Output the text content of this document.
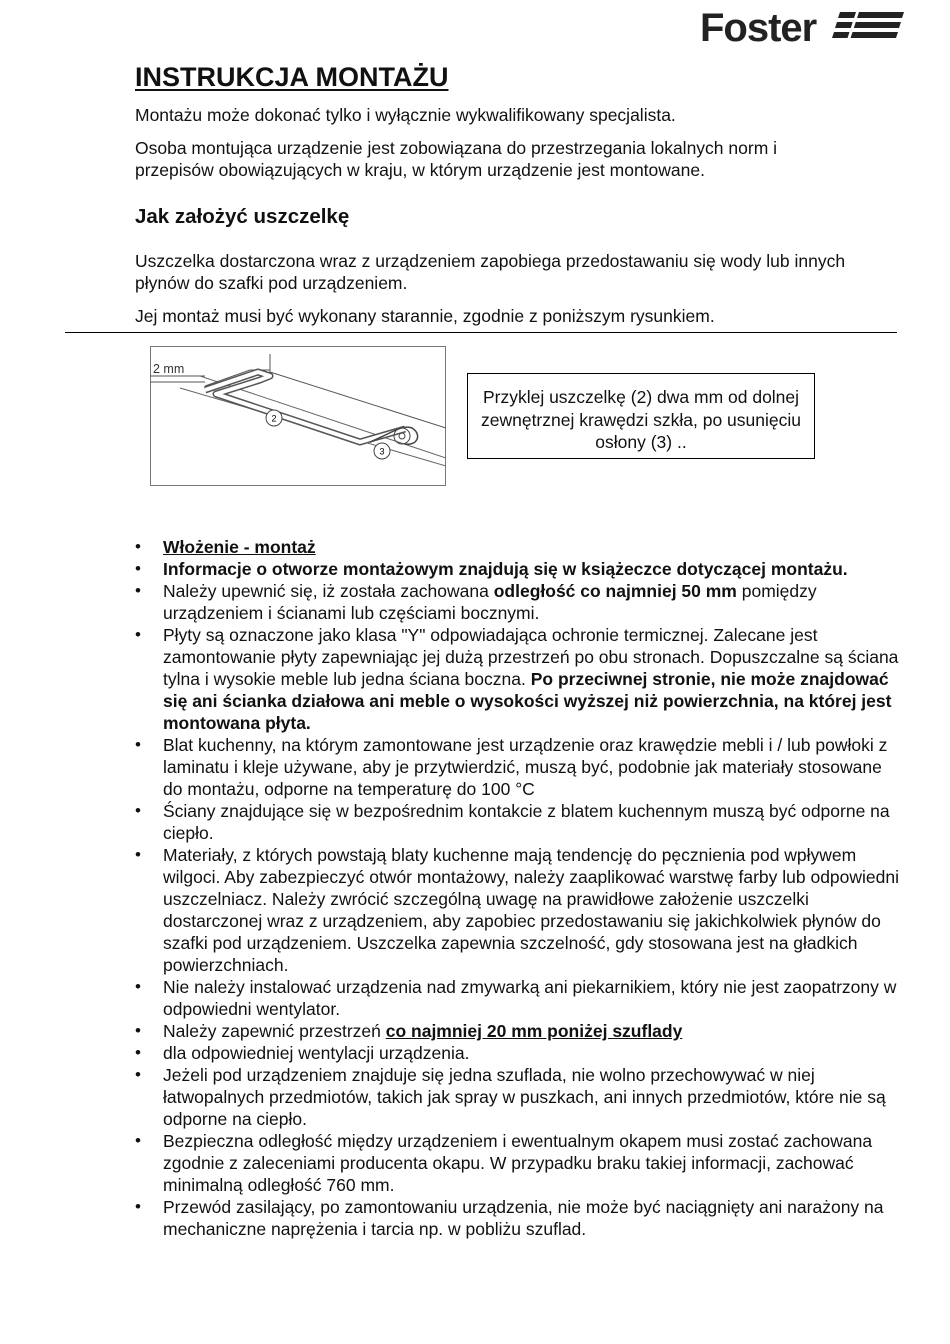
Foster
INSTRUKCJA MONTAŻU

Montażu może dokonać tylko i wyłącznie wykwalifikowany specjalista.

Osoba montująca urządzenie jest zobowiązana do przestrzegania lokalnych norm i przepisów obowiązujących w kraju, w którym urządzenie jest montowane.

Jak założyć uszczelkę

Uszczelka dostarczona wraz z urządzeniem zapobiega przedostawaniu się wody lub innych płynów do szafki pod urządzeniem.

Jej montaż musi być wykonany starannie, zgodnie z poniższym rysunkiem.

2
3
2 mm
Przyklej uszczelkę (2) dwa mm od dolnej zewnętrznej krawędzi szkła, po usunięciu osłony (3) ..
• Włożenie - montaż
• Informacje o otworze montażowym znajdują się w książeczce dotyczącej montażu.
• Należy upewnić się, iż została zachowana odległość co najmniej 50 mm pomiędzy urządzeniem i ścianami lub częściami bocznymi.
• Płyty są oznaczone jako klasa "Y" odpowiadająca ochronie termicznej. Zalecane jest zamontowanie płyty zapewniając jej dużą przestrzeń po obu stronach. Dopuszczalne są ściana tylna i wysokie meble lub jedna ściana boczna. Po przeciwnej stronie, nie może znajdować się ani ścianka działowa ani meble o wysokości wyższej niż powierzchnia, na której jest montowana płyta.
• Blat kuchenny, na którym zamontowane jest urządzenie oraz krawędzie mebli i / lub powłoki z laminatu i kleje używane, aby je przytwierdzić, muszą być, podobnie jak materiały stosowane do montażu, odporne na temperaturę do 100 °C
• Ściany znajdujące się w bezpośrednim kontakcie z blatem kuchennym muszą być odporne na ciepło.
• Materiały, z których powstają blaty kuchenne mają tendencję do pęcznienia pod wpływem wilgoci. Aby zabezpieczyć otwór montażowy, należy zaaplikować warstwę farby lub odpowiedni uszczelniacz. Należy zwrócić szczególną uwagę na prawidłowe założenie uszczelki dostarczonej wraz z urządzeniem, aby zapobiec przedostawaniu się jakichkolwiek płynów do szafki pod urządzeniem. Uszczelka zapewnia szczelność, gdy stosowana jest na gładkich powierzchniach.
• Nie należy instalować urządzenia nad zmywarką ani piekarnikiem, który nie jest zaopatrzony w odpowiedni wentylator.
• Należy zapewnić przestrzeń co najmniej 20 mm poniżej szuflady
• dla odpowiedniej wentylacji urządzenia.
• Jeżeli pod urządzeniem znajduje się jedna szuflada, nie wolno przechowywać w niej łatwopalnych przedmiotów, takich jak spray w puszkach, ani innych przedmiotów, które nie są odporne na ciepło.
• Bezpieczna odległość między urządzeniem i ewentualnym okapem musi zostać zachowana zgodnie z zaleceniami producenta okapu. W przypadku braku takiej informacji, zachować minimalną odległość 760 mm.
• Przewód zasilający, po zamontowaniu urządzenia, nie może być naciągnięty ani narażony na mechaniczne naprężenia i tarcia np. w pobliżu szuflad.
